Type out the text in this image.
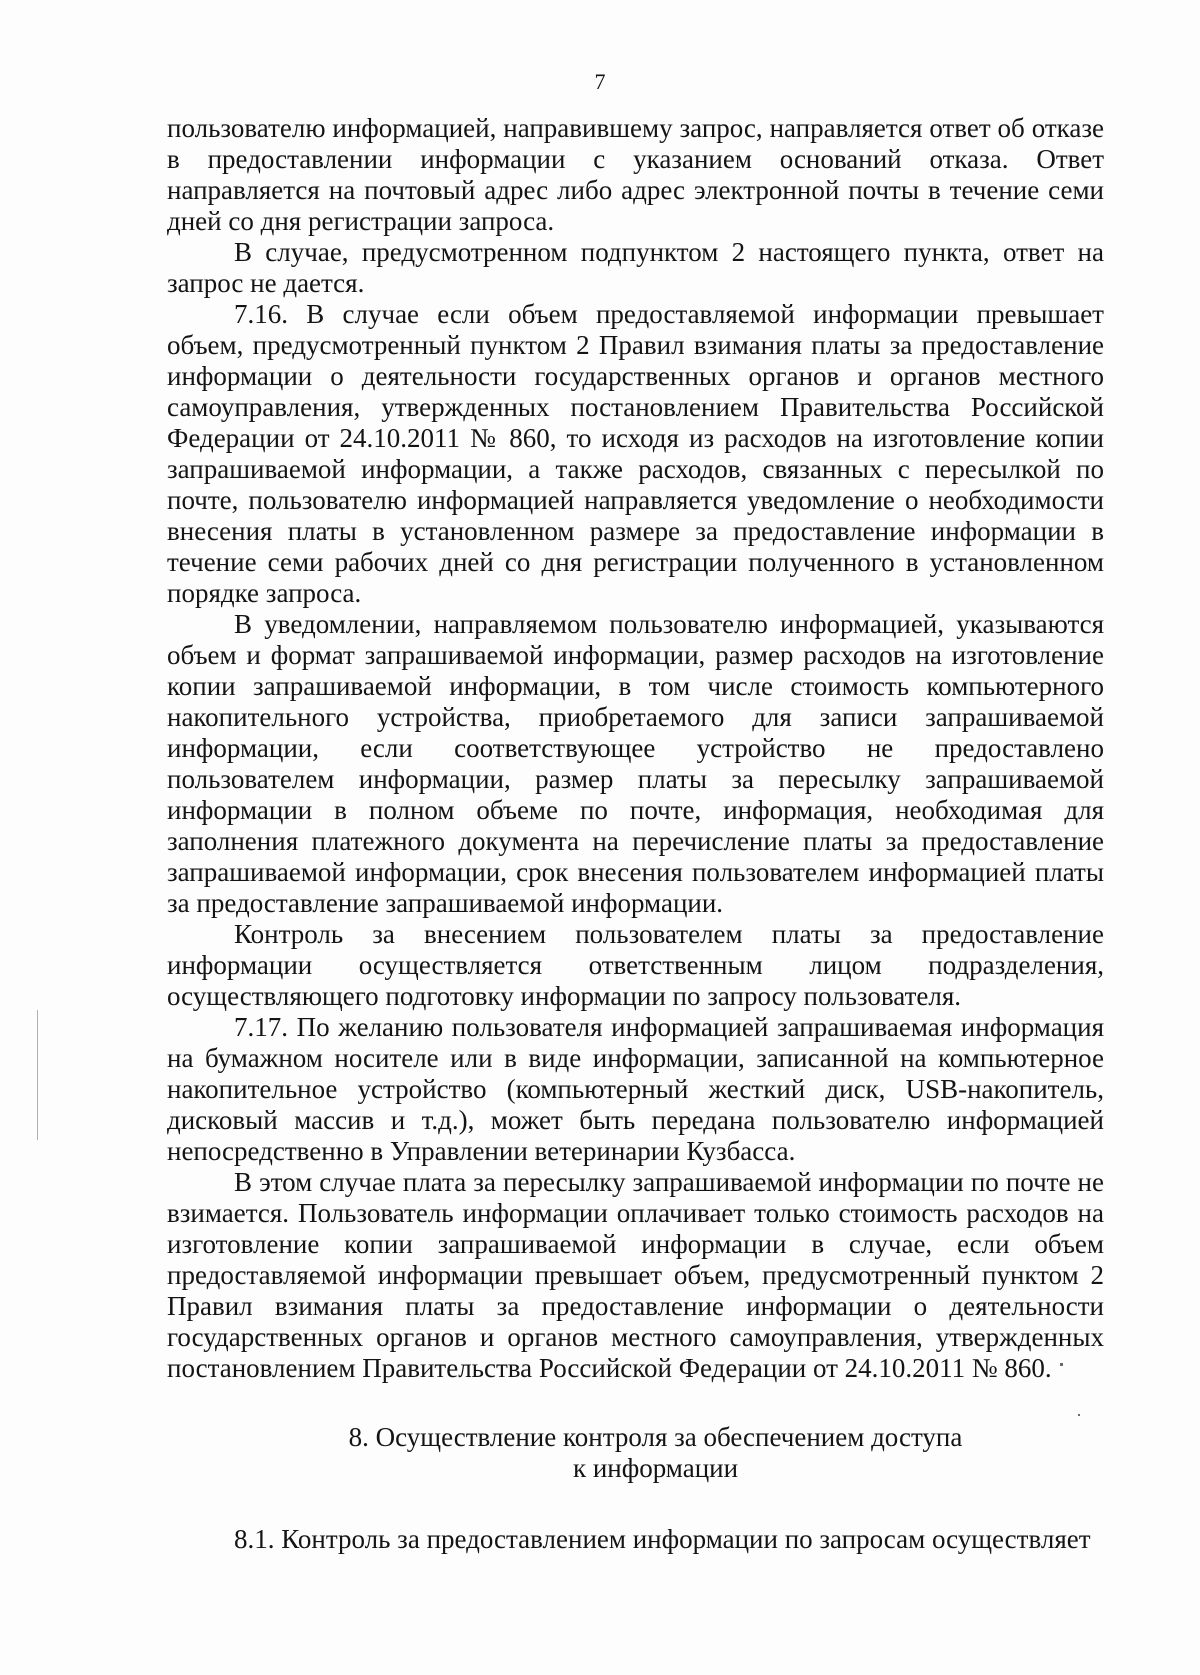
7

пользователю информацией, направившему запрос, направляется ответ об отказе в предоставлении информации с указанием оснований отказа. Ответ направляется на почтовый адрес либо адрес электронной почты в течение семи дней со дня регистрации запроса.

В случае, предусмотренном подпунктом 2 настоящего пункта, ответ на запрос не дается.

7.16. В случае если объем предоставляемой информации превышает объем, предусмотренный пунктом 2 Правил взимания платы за предоставление информации о деятельности государственных органов и органов местного самоуправления, утвержденных постановлением Правительства Российской Федерации от 24.10.2011 № 860, то исходя из расходов на изготовление копии запрашиваемой информации, а также расходов, связанных с пересылкой по почте, пользователю информацией направляется уведомление о необходимости внесения платы в установленном размере за предоставление информации в течение семи рабочих дней со дня регистрации полученного в установленном порядке запроса.

В уведомлении, направляемом пользователю информацией, указываются объем и формат запрашиваемой информации, размер расходов на изготовление копии запрашиваемой информации, в том числе стоимость компьютерного накопительного устройства, приобретаемого для записи запрашиваемой информации, если соответствующее устройство не предоставлено пользователем информации, размер платы за пересылку запрашиваемой информации в полном объеме по почте, информация, необходимая для заполнения платежного документа на перечисление платы за предоставление запрашиваемой информации, срок внесения пользователем информацией платы за предоставление запрашиваемой информации.

Контроль за внесением пользователем платы за предоставление информации осуществляется ответственным лицом подразделения, осуществляющего подготовку информации по запросу пользователя.

7.17. По желанию пользователя информацией запрашиваемая информация на бумажном носителе или в виде информации, записанной на компьютерное накопительное устройство (компьютерный жесткий диск, USB-накопитель, дисковый массив и т.д.), может быть передана пользователю информацией непосредственно в Управлении ветеринарии Кузбасса.

В этом случае плата за пересылку запрашиваемой информации по почте не взимается. Пользователь информации оплачивает только стоимость расходов на изготовление копии запрашиваемой информации в случае, если объем предоставляемой информации превышает объем, предусмотренный пунктом 2 Правил взимания платы за предоставление информации о деятельности государственных органов и органов местного самоуправления, утвержденных постановлением Правительства Российской Федерации от 24.10.2011 № 860.

8. Осуществление контроля за обеспечением доступа
к информации

8.1. Контроль за предоставлением информации по запросам осуществляет
